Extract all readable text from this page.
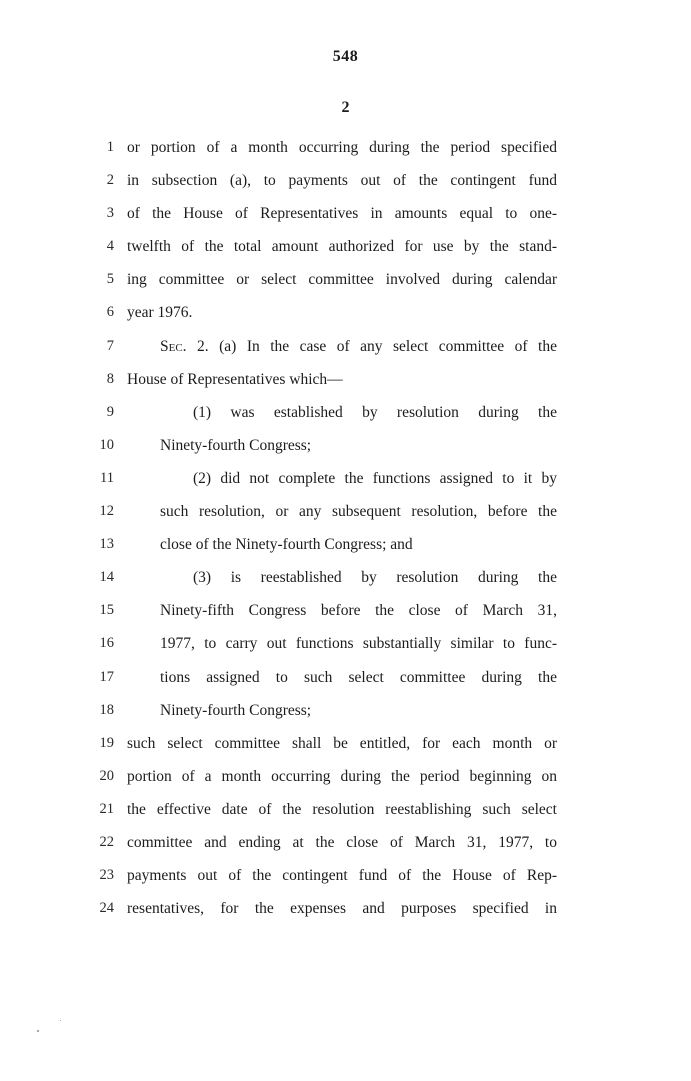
548
2
1 or portion of a month occurring during the period specified
2 in subsection (a), to payments out of the contingent fund
3 of the House of Representatives in amounts equal to one-
4 twelfth of the total amount authorized for use by the stand-
5 ing committee or select committee involved during calendar
6 year 1976.
7	Sec. 2. (a) In the case of any select committee of the
8 House of Representatives which—
9	(1) was established by resolution during the
10	Ninety-fourth Congress;
11	(2) did not complete the functions assigned to it by
12	such resolution, or any subsequent resolution, before the
13	close of the Ninety-fourth Congress; and
14	(3) is reestablished by resolution during the
15	Ninety-fifth Congress before the close of March 31,
16	1977, to carry out functions substantially similar to func-
17	tions assigned to such select committee during the
18	Ninety-fourth Congress;
19 such select committee shall be entitled, for each month or
20 portion of a month occurring during the period beginning on
21 the effective date of the resolution reestablishing such select
22 committee and ending at the close of March 31, 1977, to
23 payments out of the contingent fund of the House of Rep-
24 resentatives, for the expenses and purposes specified in
